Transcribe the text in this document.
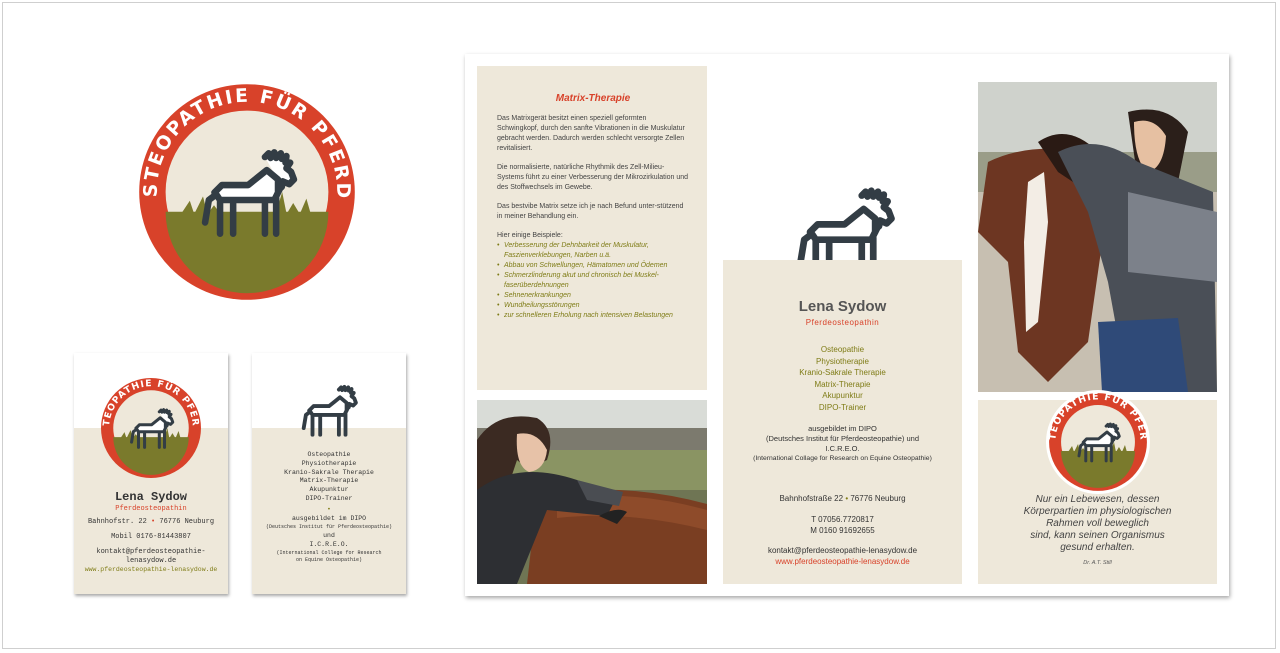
STEOPATHIE FÜR PFERD
TEOPATHIE FÜR PFER
Lena Sydow
Pferdeosteopathin
Bahnhofstr. 22 • 76776 Neuburg
Mobil 0176-81443807
kontakt@pferdeosteopathie-
lenasydow.de
www.pferdeosteopathie-lenasydow.de
Osteopathie
Physiotherapie
Kranio-Sakrale Therapie
Matrix-Therapie
Akupunktur
DIPO-Trainer
•
ausgebildet im DIPO
(Deutsches Institut für Pferdeosteopathie)
und
I.C.R.E.O.
(International College for Research
on Equine Osteopathie)
Matrix-Therapie

Das Matrixgerät besitzt einen speziell geformten Schwingkopf, durch den sanfte Vibrationen in die Muskulatur gebracht werden. Dadurch werden schlecht versorgte Zellen revitalisiert.

Die normalisierte, natürliche Rhythmik des Zell-Milieu-Systems führt zu einer Verbesserung der Mikrozirkulation und des Stoffwechsels im Gewebe.

Das bestvibe Matrix setze ich je nach Befund unter-stützend in meiner Behandlung ein.

Hier einige Beispiele:
• Verbesserung der Dehnbarkeit der Muskulatur, Faszienverklebungen, Narben u.ä.
• Abbau von Schwellungen, Hämatomen und Ödemen
• Schmerzlinderung akut und chronisch bei Muskel-faserüberdehnungen
• Sehnenerkrankungen
• Wundheilungsstörungen
• zur schnelleren Erholung nach intensiven Belastungen
Lena Sydow
Pferdeosteopathin
Osteopathie
Physiotherapie
Kranio-Sakrale Therapie
Matrix-Therapie
Akupunktur
DIPO-Trainer
ausgebildet im DIPO
(Deutsches Institut für Pferdeosteopathie) und
I.C.R.E.O.
(International Collage for Research on Equine Osteopathie)
Bahnhofstraße 22 • 76776 Neuburg
T 07056.7720817
M 0160 91692655
kontakt@pferdeosteopathie-lenasydow.de
www.pferdeosteopathie-lenasydow.de
TEOPATHIE FÜR PFER
Nur ein Lebewesen, dessen
Körperpartien im physiologischen
Rahmen voll beweglich
sind, kann seinen Organismus
gesund erhalten.
Dr. A.T. Still
